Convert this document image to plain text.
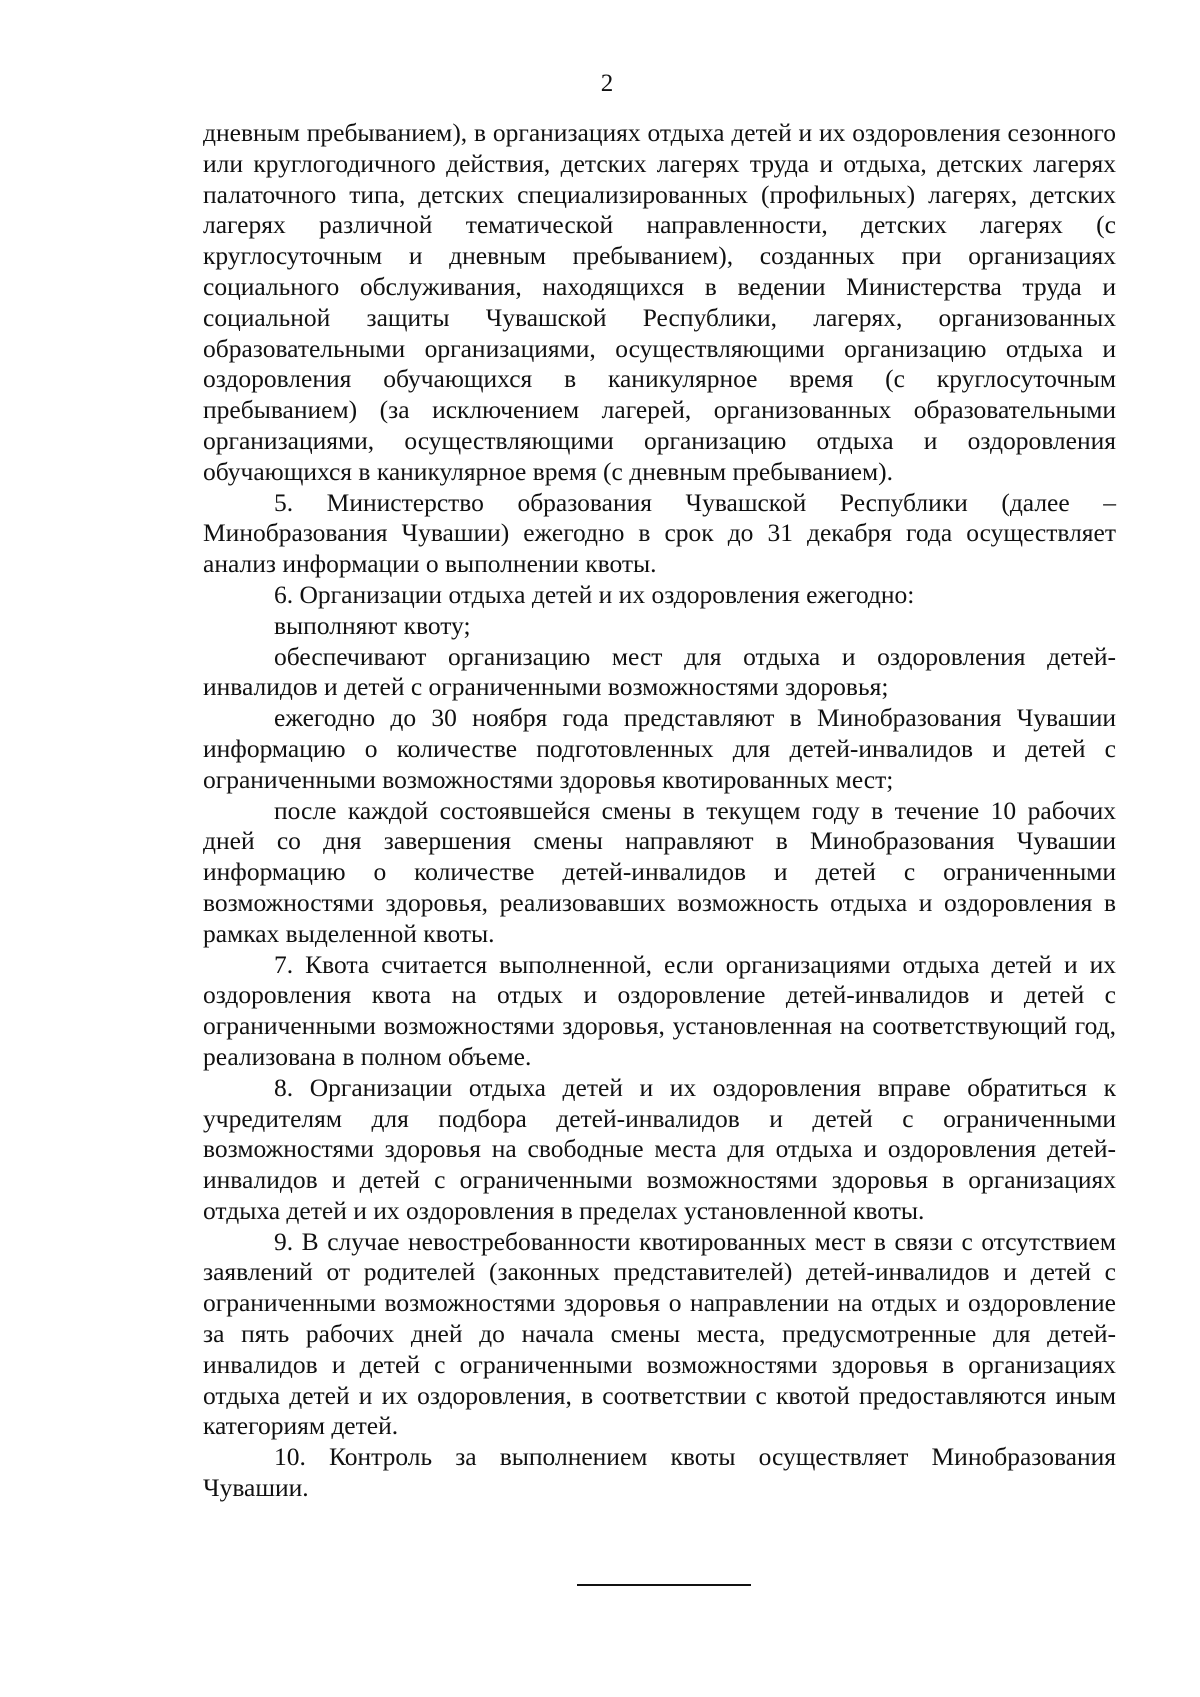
2

дневным пребыванием), в организациях отдыха детей и их оздоровления сезонного или круглогодичного действия, детских лагерях труда и отдыха, детских лагерях палаточного типа, детских специализированных (профильных) лагерях, детских лагерях различной тематической направленности, детских лагерях (с круглосуточным и дневным пребыванием), созданных при организациях социального обслуживания, находящихся в ведении Министерства труда и социальной защиты Чувашской Республики, лагерях, организованных образовательными организациями, осуществляющими организацию отдыха и оздоровления обучающихся в каникулярное время (с круглосуточным пребыванием) (за исключением лагерей, организованных образовательными организациями, осуществляющими организацию отдыха и оздоровления обучающихся в каникулярное время (с дневным пребыванием).

5. Министерство образования Чувашской Республики (далее – Минобразования Чувашии) ежегодно в срок до 31 декабря года осуществляет анализ информации о выполнении квоты.

6. Организации отдыха детей и их оздоровления ежегодно:

выполняют квоту;

обеспечивают организацию мест для отдыха и оздоровления детей-инвалидов и детей с ограниченными возможностями здоровья;

ежегодно до 30 ноября года представляют в Минобразования Чувашии информацию о количестве подготовленных для детей-инвалидов и детей с ограниченными возможностями здоровья квотированных мест;

после каждой состоявшейся смены в текущем году в течение 10 рабочих дней со дня завершения смены направляют в Минобразования Чувашии информацию о количестве детей-инвалидов и детей с ограниченными возможностями здоровья, реализовавших возможность отдыха и оздоровления в рамках выделенной квоты.

7. Квота считается выполненной, если организациями отдыха детей и их оздоровления квота на отдых и оздоровление детей-инвалидов и детей с ограниченными возможностями здоровья, установленная на соответствующий год, реализована в полном объеме.

8. Организации отдыха детей и их оздоровления вправе обратиться к учредителям для подбора детей-инвалидов и детей с ограниченными возможностями здоровья на свободные места для отдыха и оздоровления детей-инвалидов и детей с ограниченными возможностями здоровья в организациях отдыха детей и их оздоровления в пределах установленной квоты.

9. В случае невостребованности квотированных мест в связи с отсутствием заявлений от родителей (законных представителей) детей-инвалидов и детей с ограниченными возможностями здоровья о направлении на отдых и оздоровление за пять рабочих дней до начала смены места, предусмотренные для детей-инвалидов и детей с ограниченными возможностями здоровья в организациях отдыха детей и их оздоровления, в соответствии с квотой предоставляются иным категориям детей.

10. Контроль за выполнением квоты осуществляет Минобразования Чувашии.
